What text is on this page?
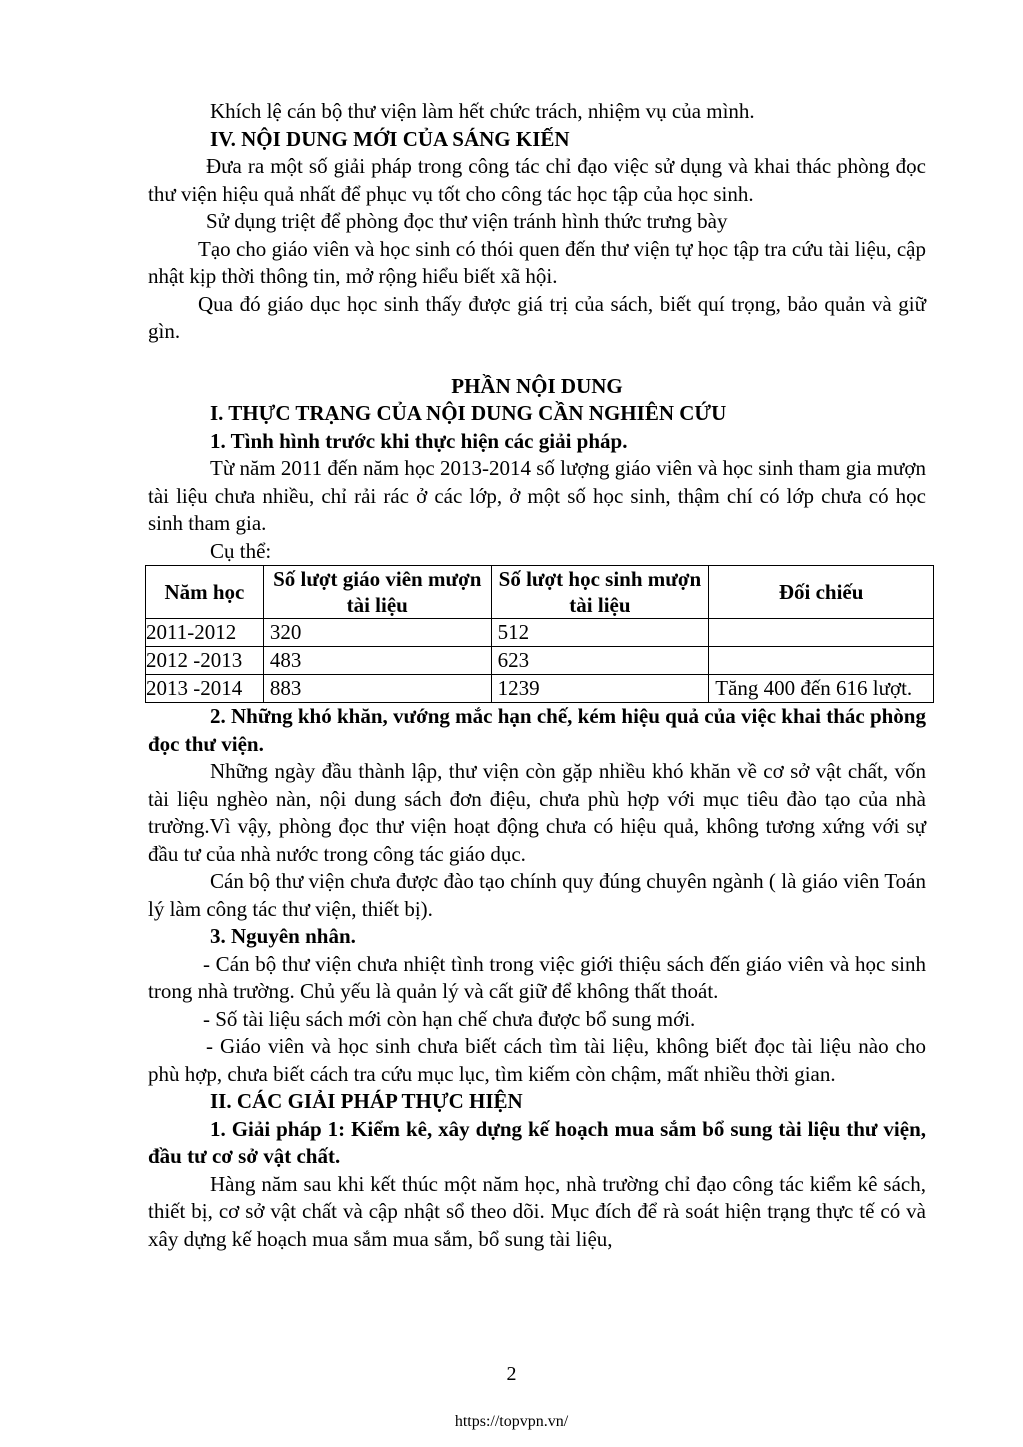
Khích lệ cán bộ thư viện làm hết chức trách, nhiệm vụ của mình.

IV. NỘI DUNG MỚI CỦA SÁNG KIẾN

Đưa ra một số giải pháp trong công tác chỉ đạo việc sử dụng và khai thác phòng đọc thư viện hiệu quả nhất để phục vụ tốt cho công tác học tập của học sinh.

Sử dụng triệt để phòng đọc thư viện tránh hình thức trưng bày

Tạo cho giáo viên và học sinh có thói quen đến thư viện tự học tập tra cứu tài liệu, cập nhật kịp thời thông tin, mở rộng hiểu biết xã hội.

Qua đó giáo dục học sinh thấy được giá trị của sách, biết quí trọng, bảo quản và giữ gìn.

PHẦN NỘI DUNG

I. THỰC TRẠNG CỦA NỘI DUNG CẦN NGHIÊN CỨU

1. Tình hình trước khi thực hiện các giải pháp.

Từ năm 2011 đến năm học 2013-2014 số lượng giáo viên và học sinh tham gia mượn tài liệu chưa nhiều, chỉ rải rác ở các lớp, ở một số học sinh, thậm chí có lớp chưa có học sinh tham gia.

Cụ thể:

Năm học	Số lượt giáo viên mượn tài liệu	Số lượt học sinh mượn tài liệu	Đối chiếu
2011-2012	320	512	
2012 -2013	483	623	
2013 -2014	883	1239	Tăng 400 đến 616 lượt.

2. Những khó khăn, vướng mắc hạn chế, kém hiệu quả của việc khai thác phòng đọc thư viện.

Những ngày đầu thành lập, thư viện còn gặp nhiều khó khăn về cơ sở vật chất, vốn tài liệu nghèo nàn, nội dung sách đơn điệu, chưa phù hợp với mục tiêu đào tạo của nhà trường.Vì vậy, phòng đọc thư viện hoạt động chưa có hiệu quả, không tương xứng với sự đầu tư của nhà nước trong công tác giáo dục.

Cán bộ thư viện chưa được đào tạo chính quy đúng chuyên ngành ( là giáo viên Toán lý làm công tác thư viện, thiết bị).

3. Nguyên nhân.

- Cán bộ thư viện chưa nhiệt tình trong việc giới thiệu sách đến giáo viên và học sinh trong nhà trường. Chủ yếu là quản lý và cất giữ để không thất thoát.

- Số tài liệu sách mới còn hạn chế chưa được bổ sung mới.

- Giáo viên và học sinh chưa biết cách tìm tài liệu, không biết đọc tài liệu nào cho phù hợp, chưa biết cách tra cứu mục lục, tìm kiếm còn chậm, mất nhiều thời gian.

II. CÁC GIẢI PHÁP THỰC HIỆN

1. Giải pháp 1: Kiểm kê, xây dựng kế hoạch mua sắm bổ sung tài liệu thư viện, đầu tư cơ sở vật chất.

Hàng năm sau khi kết thúc một năm học, nhà trường chỉ đạo công tác kiểm kê sách, thiết bị, cơ sở vật chất và cập nhật sổ theo dõi. Mục đích để rà soát hiện trạng thực tế có và xây dựng kế hoạch mua sắm mua sắm, bổ sung tài liệu,

2
https://topvpn.vn/
